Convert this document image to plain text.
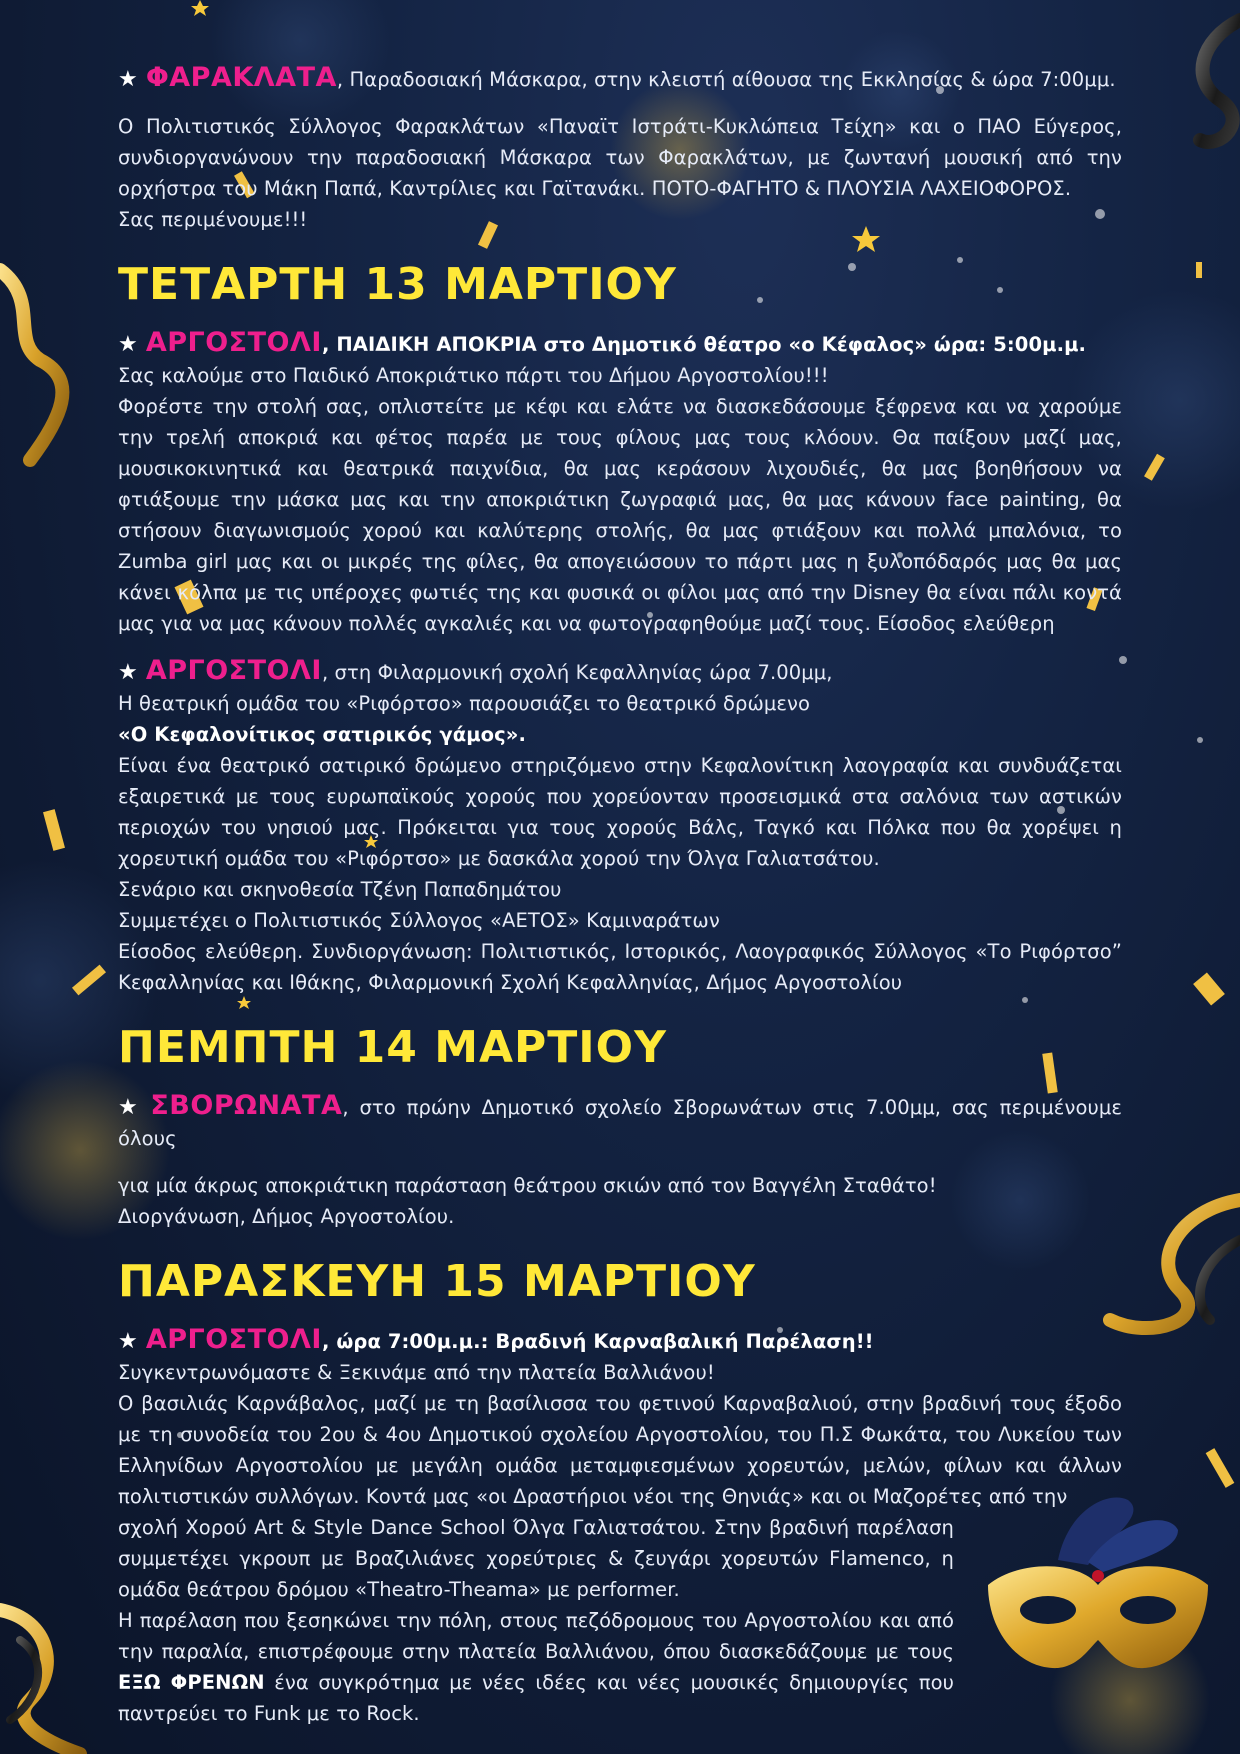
★ ΦΑΡΑΚΛΑΤΑ, Παραδοσιακή Μάσκαρα, στην κλειστή αίθουσα της Εκκλησίας & ώρα 7:00μμ.

Ο Πολιτιστικός Σύλλογος Φαρακλάτων «Παναϊτ Ιστράτι-Κυκλώπεια Τείχη» και ο ΠΑΟ Εύγερος, συνδιοργανώνουν την παραδοσιακή Μάσκαρα των Φαρακλάτων, με ζωντανή μουσική από την ορχήστρα του Μάκη Παπά, Καντρίλιες και Γαϊτανάκι. ΠΟΤΟ-ΦΑΓΗΤΟ & ΠΛΟΥΣΙΑ ΛΑΧΕΙΟΦΟΡΟΣ.

Σας περιμένουμε!!!

ΤΕΤΑΡΤΗ 13 ΜΑΡΤΙΟΥ

★ ΑΡΓΟΣΤΟΛΙ, ΠΑΙΔΙΚΗ ΑΠΟΚΡΙΑ στο Δημοτικό θέατρο «ο Κέφαλος» ώρα: 5:00μ.μ.

Σας καλούμε στο Παιδικό Αποκριάτικο πάρτι του Δήμου Αργοστολίου!!!

Φορέστε την στολή σας, οπλιστείτε με κέφι και ελάτε να διασκεδάσουμε ξέφρενα και να χαρούμε την τρελή αποκριά και φέτος παρέα με τους φίλους μας τους κλόουν. Θα παίξουν μαζί μας, μουσικοκινητικά και θεατρικά παιχνίδια, θα μας κεράσουν λιχουδιές, θα μας βοηθήσουν να φτιάξουμε την μάσκα μας και την αποκριάτικη ζωγραφιά μας, θα μας κάνουν face painting, θα στήσουν διαγωνισμούς χορού και καλύτερης στολής, θα μας φτιάξουν και πολλά μπαλόνια, το Zumba girl μας και οι μικρές της φίλες, θα απογειώσουν το πάρτι μας η ξυλοπόδαρός μας θα μας κάνει κόλπα με τις υπέροχες φωτιές της και φυσικά οι φίλοι μας από την Disney θα είναι πάλι κοντά μας για να μας κάνουν πολλές αγκαλιές και να φωτογραφηθούμε μαζί τους. Είσοδος ελεύθερη

★ ΑΡΓΟΣΤΟΛΙ, στη Φιλαρμονική σχολή Κεφαλληνίας ώρα 7.00μμ,

Η θεατρική ομάδα του «Ριφόρτσο» παρουσιάζει το θεατρικό δρώμενο

«Ο Κεφαλονίτικος σατιρικός γάμος».

Είναι ένα θεατρικό σατιρικό δρώμενο στηριζόμενο στην Κεφαλονίτικη λαογραφία και συνδυάζεται εξαιρετικά με τους ευρωπαϊκούς χορούς που χορεύονταν προσεισμικά στα σαλόνια των αστικών περιοχών του νησιού μας. Πρόκειται για τους χορούς Βάλς, Ταγκό και Πόλκα που θα χορέψει η χορευτική ομάδα του «Ριφόρτσο» με δασκάλα χορού την Όλγα Γαλιατσάτου.

Σενάριο και σκηνοθεσία Τζένη Παπαδημάτου

Συμμετέχει ο Πολιτιστικός Σύλλογος «ΑΕΤΟΣ» Καμιναράτων

Είσοδος ελεύθερη. Συνδιοργάνωση: Πολιτιστικός, Ιστορικός, Λαογραφικός Σύλλογος «Το Ριφόρτσο” Κεφαλληνίας και Ιθάκης, Φιλαρμονική Σχολή Κεφαλληνίας, Δήμος Αργοστολίου

ΠΕΜΠΤΗ 14 ΜΑΡΤΙΟΥ

★ ΣΒΟΡΩΝΑΤΑ, στο πρώην Δημοτικό σχολείο Σβορωνάτων στις 7.00μμ, σας περιμένουμε όλους

για μία άκρως αποκριάτικη παράσταση θεάτρου σκιών από τον Βαγγέλη Σταθάτο!

Διοργάνωση, Δήμος Αργοστολίου.

ΠΑΡΑΣΚΕΥΗ 15 ΜΑΡΤΙΟΥ

★ ΑΡΓΟΣΤΟΛΙ, ώρα 7:00μ.μ.: Βραδινή Καρναβαλική Παρέλαση!!

Συγκεντρωνόμαστε & Ξεκινάμε από την πλατεία Βαλλιάνου!

Ο βασιλιάς Καρνάβαλος, μαζί με τη βασίλισσα του φετινού Καρναβαλιού, στην βραδινή τους έξοδο με τη συνοδεία του 2ου & 4ου Δημοτικού σχολείου Αργοστολίου, του Π.Σ Φωκάτα, του Λυκείου των Ελληνίδων Αργοστολίου με μεγάλη ομάδα μεταμφιεσμένων χορευτών, μελών, φίλων και άλλων πολιτιστικών συλλόγων. Κοντά μας «οι Δραστήριοι νέοι της Θηνιάς» και οι Μαζορέτες από την

σχολή Χορού Art & Style Dance School Όλγα Γαλιατσάτου. Στην βραδινή παρέλαση συμμετέχει γκρουπ με Βραζιλιάνες χορεύτριες & ζευγάρι χορευτών Flamenco, η ομάδα θεάτρου δρόμου «Theatro-Theama» με performer.

Η παρέλαση που ξεσηκώνει την πόλη, στους πεζόδρομους του Αργοστολίου και από την παραλία, επιστρέφουμε στην πλατεία Βαλλιάνου, όπου διασκεδάζουμε με τους ΕΞΩ ΦΡΕΝΩΝ ένα συγκρότημα με νέες ιδέες και νέες μουσικές δημιουργίες που παντρεύει το Funk με το Rock.
